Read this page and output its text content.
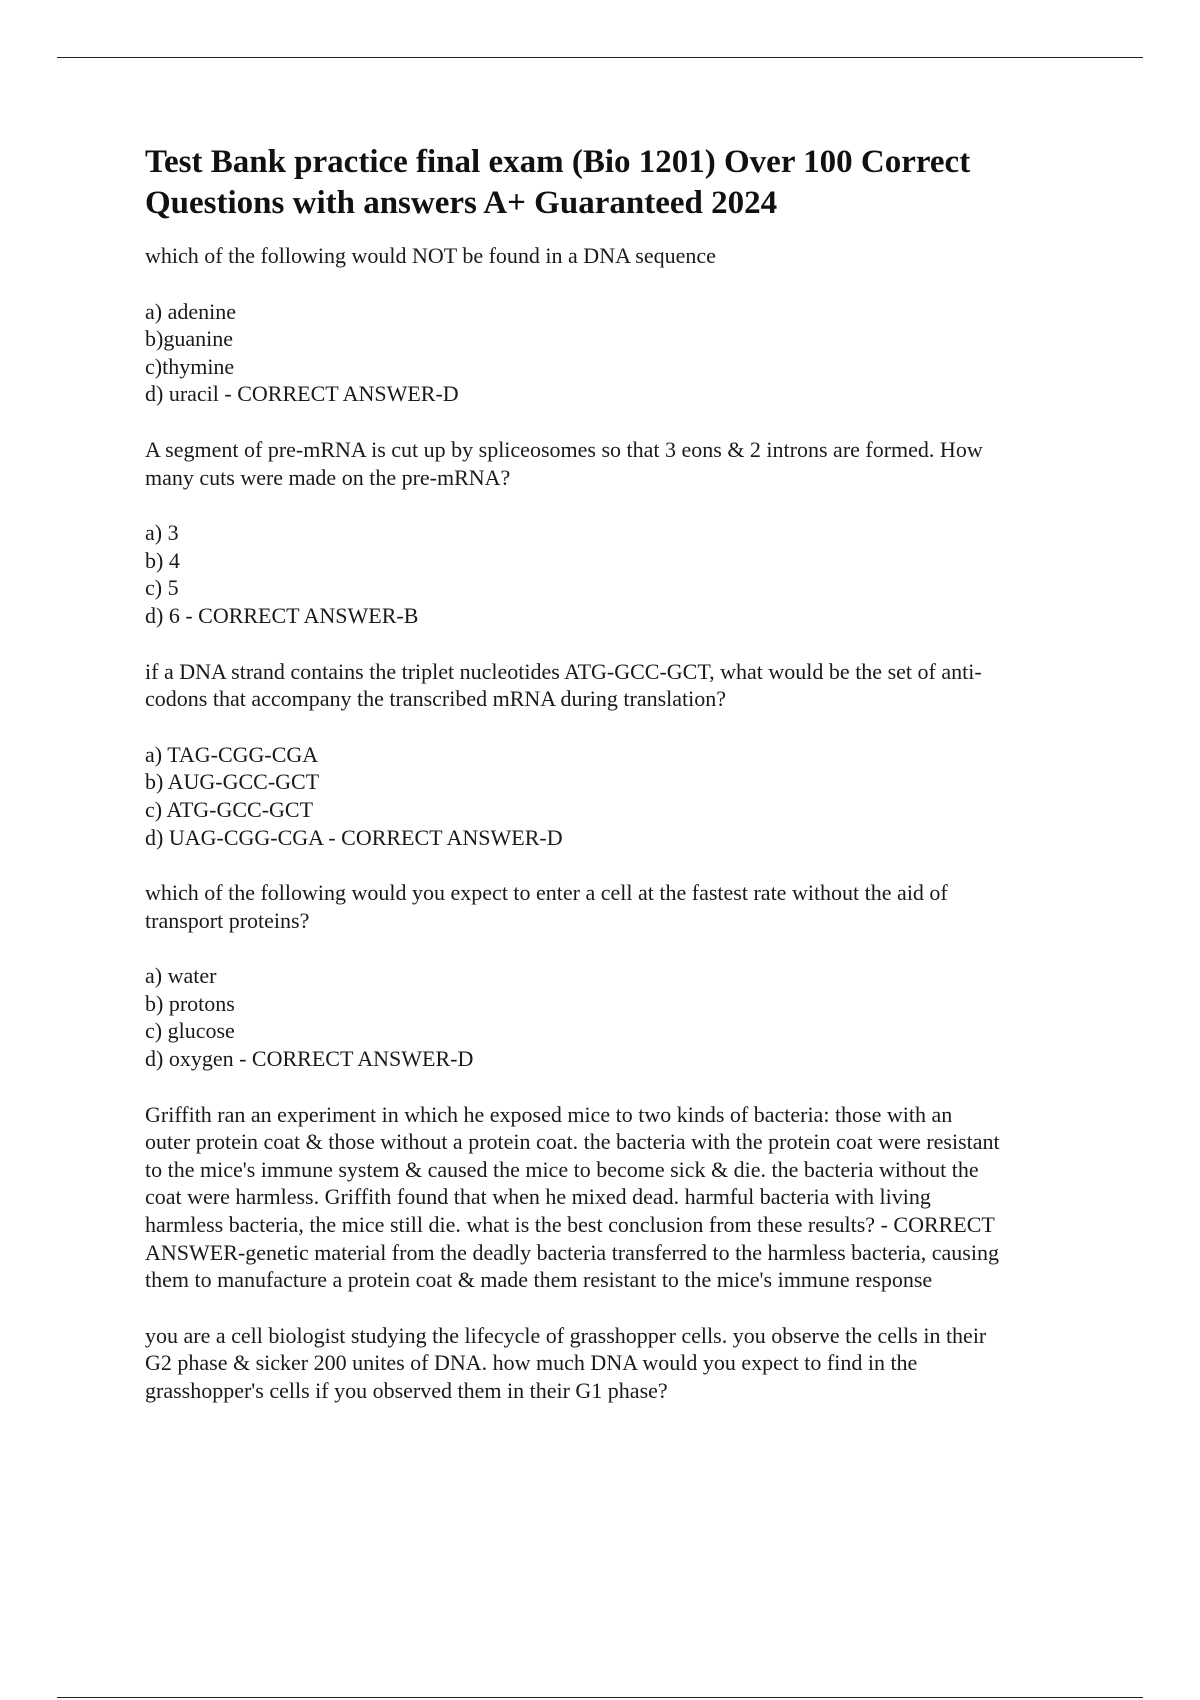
Test Bank practice final exam (Bio 1201) Over 100 Correct
Questions with answers A+ Guaranteed 2024

which of the following would NOT be found in a DNA sequence

a) adenine

b)guanine

c)thymine

d) uracil - CORRECT ANSWER-D

A segment of pre-mRNA is cut up by spliceosomes so that 3 eons & 2 introns are formed. How

many cuts were made on the pre-mRNA?

a) 3

b) 4

c) 5

d) 6 - CORRECT ANSWER-B

if a DNA strand contains the triplet nucleotides ATG-GCC-GCT, what would be the set of anti-

codons that accompany the transcribed mRNA during translation?

a) TAG-CGG-CGA

b) AUG-GCC-GCT

c) ATG-GCC-GCT

d) UAG-CGG-CGA - CORRECT ANSWER-D

which of the following would you expect to enter a cell at the fastest rate without the aid of

transport proteins?

a) water

b) protons

c) glucose

d) oxygen - CORRECT ANSWER-D

Griffith ran an experiment in which he exposed mice to two kinds of bacteria: those with an

outer protein coat & those without a protein coat. the bacteria with the protein coat were resistant

to the mice's immune system & caused the mice to become sick & die. the bacteria without the

coat were harmless. Griffith found that when he mixed dead. harmful bacteria with living

harmless bacteria, the mice still die. what is the best conclusion from these results? - CORRECT

ANSWER-genetic material from the deadly bacteria transferred to the harmless bacteria, causing

them to manufacture a protein coat & made them resistant to the mice's immune response

you are a cell biologist studying the lifecycle of grasshopper cells. you observe the cells in their

G2 phase & sicker 200 unites of DNA. how much DNA would you expect to find in the

grasshopper's cells if you observed them in their G1 phase?
